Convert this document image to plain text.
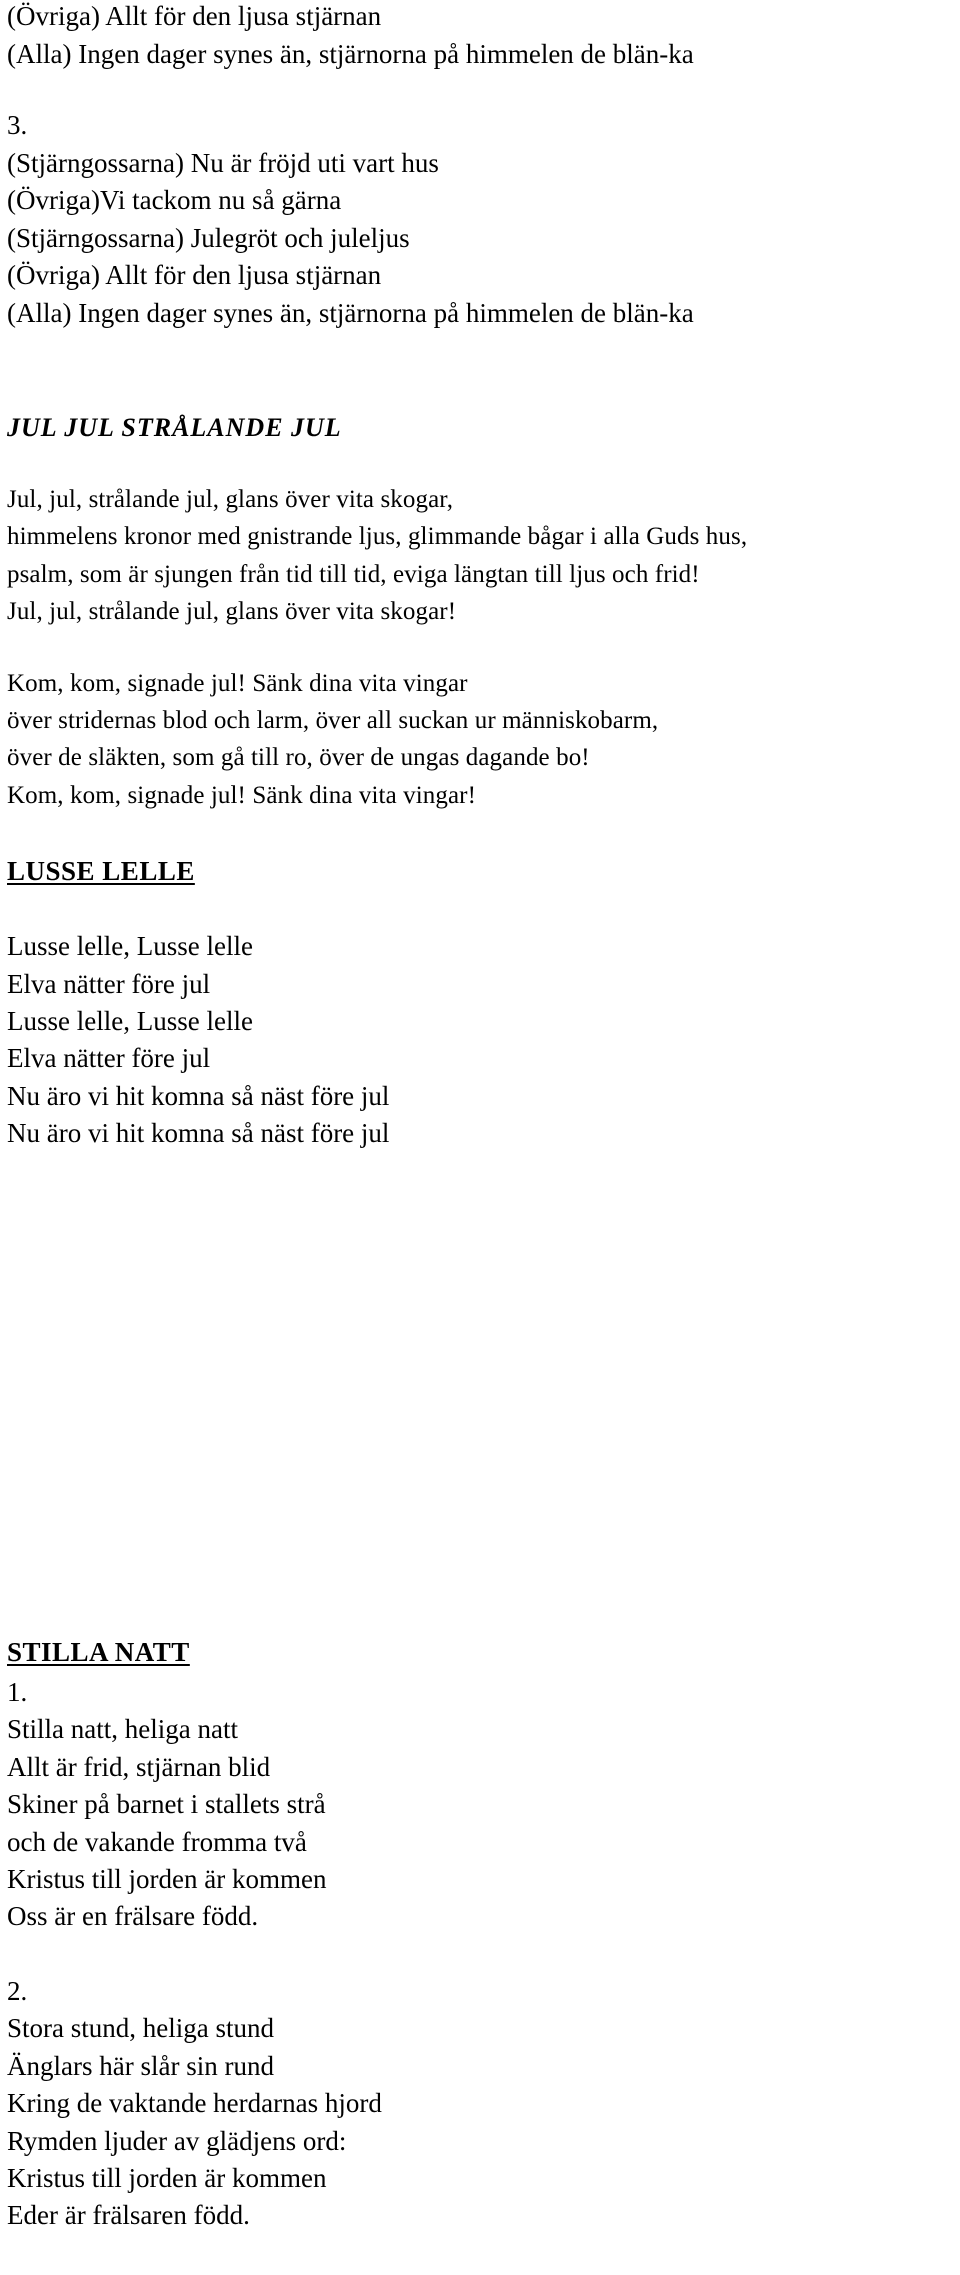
(Övriga) Allt för den ljusa stjärnan
(Alla) Ingen dager synes än, stjärnorna på himmelen de blän-ka
3.
(Stjärngossarna) Nu är fröjd uti vart hus
(Övriga)Vi tackom nu så gärna
(Stjärngossarna) Julegröt och juleljus
(Övriga) Allt för den ljusa stjärnan
(Alla) Ingen dager synes än, stjärnorna på himmelen de blän-ka
JUL JUL STRÅLANDE JUL
Jul, jul, strålande jul, glans över vita skogar,
himmelens kronor med gnistrande ljus, glimmande bågar i alla Guds hus,
psalm, som är sjungen från tid till tid, eviga längtan till ljus och frid!
Jul, jul, strålande jul, glans över vita skogar!
Kom, kom, signade jul! Sänk dina vita vingar
över stridernas blod och larm, över all suckan ur människobarm,
över de släkten, som gå till ro, över de ungas dagande bo!
Kom, kom, signade jul! Sänk dina vita vingar!
LUSSE LELLE
Lusse lelle, Lusse lelle
Elva nätter före jul
Lusse lelle, Lusse lelle
Elva nätter före jul
Nu äro vi hit komna så näst före jul
Nu äro vi hit komna så näst före jul
STILLA NATT
1.
Stilla natt, heliga natt
Allt är frid, stjärnan blid
Skiner på barnet i stallets strå
och de vakande fromma två
Kristus till jorden är kommen
Oss är en frälsare född.
2.
Stora stund, heliga stund
Änglars här slår sin rund
Kring de vaktande herdarnas hjord
Rymden ljuder av glädjens ord:
Kristus till jorden är kommen
Eder är frälsaren född.
